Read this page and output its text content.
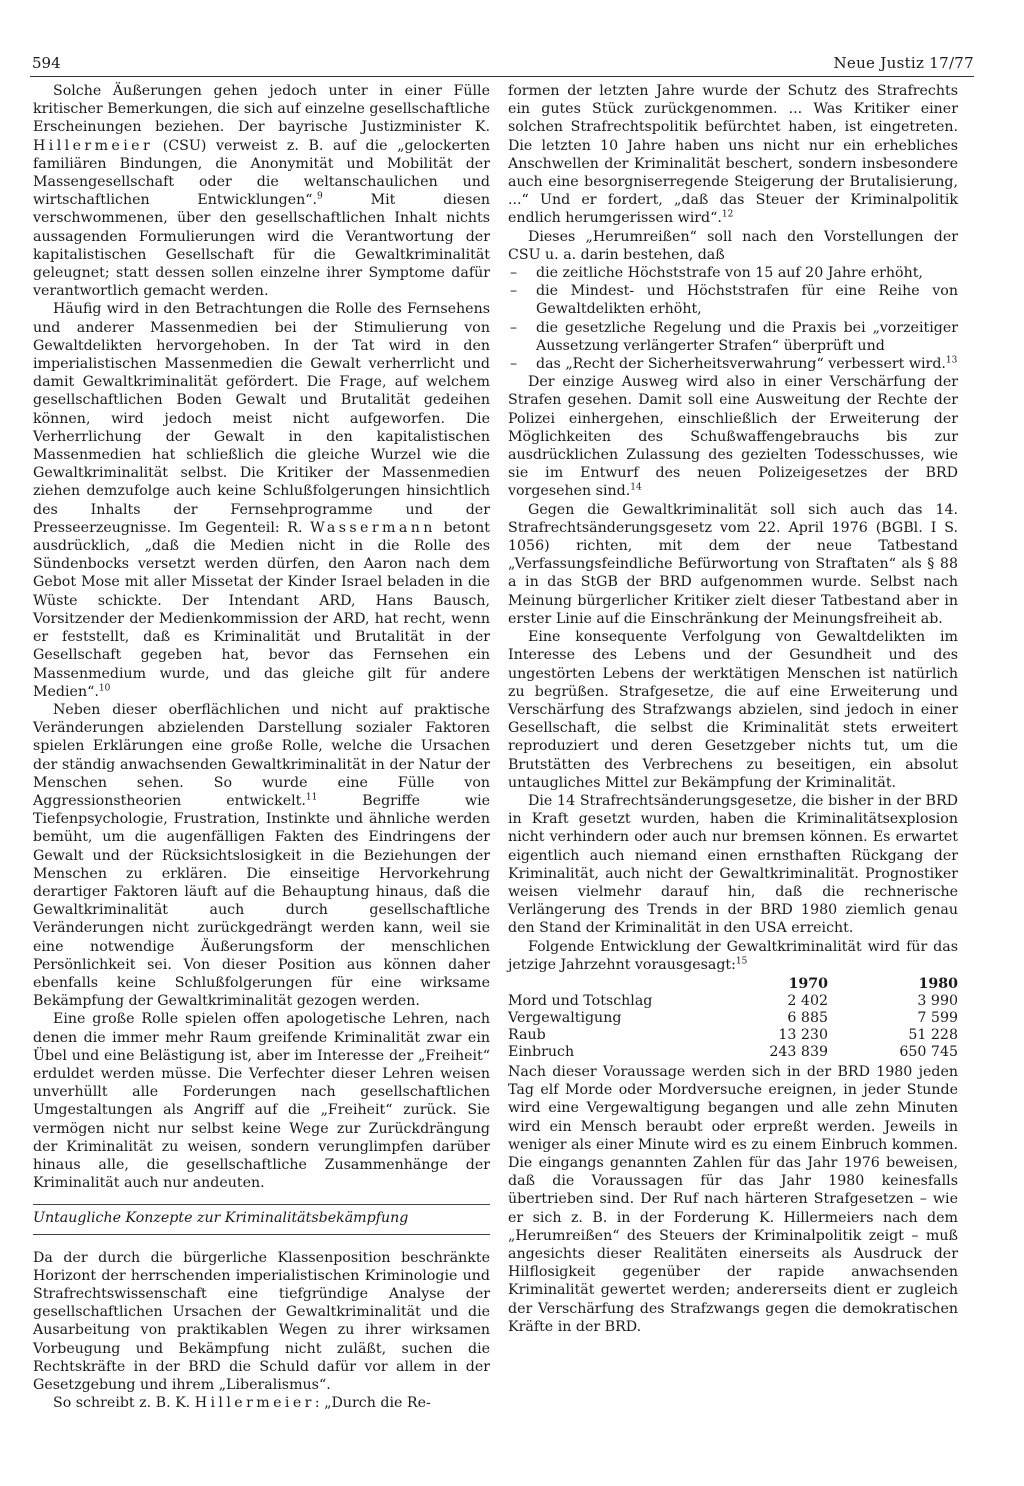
594	Neue Justiz 17/77

Solche Äußerungen gehen jedoch unter in einer Fülle kritischer Bemerkungen, die sich auf einzelne gesellschaftliche Erscheinungen beziehen. Der bayrische Justizminister K. Hillermeier (CSU) verweist z. B. auf die „gelockerten familiären Bindungen, die Anonymität und Mobilität der Massengesellschaft oder die weltanschaulichen und wirtschaftlichen Entwicklungen“.$^9$ Mit diesen verschwommenen, über den gesellschaftlichen Inhalt nichts aussagenden Formulierungen wird die Verantwortung der kapitalistischen Gesellschaft für die Gewaltkriminalität geleugnet; statt dessen sollen einzelne ihrer Symptome dafür verantwortlich gemacht werden.

Häufig wird in den Betrachtungen die Rolle des Fernsehens und anderer Massenmedien bei der Stimulierung von Gewaltdelikten hervorgehoben. In der Tat wird in den imperialistischen Massenmedien die Gewalt verherrlicht und damit Gewaltkriminalität gefördert. Die Frage, auf welchem gesellschaftlichen Boden Gewalt und Brutalität gedeihen können, wird jedoch meist nicht aufgeworfen. Die Verherrlichung der Gewalt in den kapitalistischen Massenmedien hat schließlich die gleiche Wurzel wie die Gewaltkriminalität selbst. Die Kritiker der Massenmedien ziehen demzufolge auch keine Schlußfolgerungen hinsichtlich des Inhalts der Fernsehprogramme und der Presseerzeugnisse. Im Gegenteil: R. Wassermann betont ausdrücklich, „daß die Medien nicht in die Rolle des Sündenbocks versetzt werden dürfen, den Aaron nach dem Gebot Mose mit aller Missetat der Kinder Israel beladen in die Wüste schickte. Der Intendant ARD, Hans Bausch, Vorsitzender der Medienkommission der ARD, hat recht, wenn er feststellt, daß es Kriminalität und Brutalität in der Gesellschaft gegeben hat, bevor das Fernsehen ein Massenmedium wurde, und das gleiche gilt für andere Medien“.$^{10}$

Neben dieser oberflächlichen und nicht auf praktische Veränderungen abzielenden Darstellung sozialer Faktoren spielen Erklärungen eine große Rolle, welche die Ursachen der ständig anwachsenden Gewaltkriminalität in der Natur der Menschen sehen. So wurde eine Fülle von Aggressionstheorien entwickelt.$^{11}$ Begriffe wie Tiefenpsychologie, Frustration, Instinkte und ähnliche werden bemüht, um die augenfälligen Fakten des Eindringens der Gewalt und der Rücksichtslosigkeit in die Beziehungen der Menschen zu erklären. Die einseitige Hervorkehrung derartiger Faktoren läuft auf die Behauptung hinaus, daß die Gewaltkriminalität auch durch gesellschaftliche Veränderungen nicht zurückgedrängt werden kann, weil sie eine notwendige Äußerungsform der menschlichen Persönlichkeit sei. Von dieser Position aus können daher ebenfalls keine Schlußfolgerungen für eine wirksame Bekämpfung der Gewaltkriminalität gezogen werden.

Eine große Rolle spielen offen apologetische Lehren, nach denen die immer mehr Raum greifende Kriminalität zwar ein Übel und eine Belästigung ist, aber im Interesse der „Freiheit“ erduldet werden müsse. Die Verfechter dieser Lehren weisen unverhüllt alle Forderungen nach gesellschaftlichen Umgestaltungen als Angriff auf die „Freiheit“ zurück. Sie vermögen nicht nur selbst keine Wege zur Zurückdrängung der Kriminalität zu weisen, sondern verunglimpfen darüber hinaus alle, die gesellschaftliche Zusammenhänge der Kriminalität auch nur andeuten.

Untaugliche Konzepte zur Kriminalitätsbekämpfung

Da der durch die bürgerliche Klassenposition beschränkte Horizont der herrschenden imperialistischen Kriminologie und Strafrechtswissenschaft eine tiefgründige Analyse der gesellschaftlichen Ursachen der Gewaltkriminalität und die Ausarbeitung von praktikablen Wegen zu ihrer wirksamen Vorbeugung und Bekämpfung nicht zuläßt, suchen die Rechtskräfte in der BRD die Schuld dafür vor allem in der Gesetzgebung und ihrem „Liberalismus“.

So schreibt z. B. K. Hillermeier: „Durch die Re-

formen der letzten Jahre wurde der Schutz des Strafrechts ein gutes Stück zurückgenommen. ... Was Kritiker einer solchen Strafrechtspolitik befürchtet haben, ist eingetreten. Die letzten 10 Jahre haben uns nicht nur ein erhebliches Anschwellen der Kriminalität beschert, sondern insbesondere auch eine besorgniserregende Steigerung der Brutalisierung, ...“ Und er fordert, „daß das Steuer der Kriminalpolitik endlich herumgerissen wird“.$^{12}$

Dieses „Herumreißen“ soll nach den Vorstellungen der CSU u. a. darin bestehen, daß

– die zeitliche Höchststrafe von 15 auf 20 Jahre erhöht,
– die Mindest- und Höchststrafen für eine Reihe von Gewaltdelikten erhöht,
– die gesetzliche Regelung und die Praxis bei „vorzeitiger Aussetzung verlängerter Strafen“ überprüft und
– das „Recht der Sicherheitsverwahrung“ verbessert wird.$^{13}$

Der einzige Ausweg wird also in einer Verschärfung der Strafen gesehen. Damit soll eine Ausweitung der Rechte der Polizei einhergehen, einschließlich der Erweiterung der Möglichkeiten des Schußwaffengebrauchs bis zur ausdrücklichen Zulassung des gezielten Todesschusses, wie sie im Entwurf des neuen Polizeigesetzes der BRD vorgesehen sind.$^{14}$

Gegen die Gewaltkriminalität soll sich auch das 14. Strafrechtsänderungsgesetz vom 22. April 1976 (BGBl. I S. 1056) richten, mit dem der neue Tatbestand „Verfassungsfeindliche Befürwortung von Straftaten“ als § 88 a in das StGB der BRD aufgenommen wurde. Selbst nach Meinung bürgerlicher Kritiker zielt dieser Tatbestand aber in erster Linie auf die Einschränkung der Meinungsfreiheit ab.

Eine konsequente Verfolgung von Gewaltdelikten im Interesse des Lebens und der Gesundheit und des ungestörten Lebens der werktätigen Menschen ist natürlich zu begrüßen. Strafgesetze, die auf eine Erweiterung und Verschärfung des Strafzwangs abzielen, sind jedoch in einer Gesellschaft, die selbst die Kriminalität stets erweitert reproduziert und deren Gesetzgeber nichts tut, um die Brutstätten des Verbrechens zu beseitigen, ein absolut untaugliches Mittel zur Bekämpfung der Kriminalität.

Die 14 Strafrechtsänderungsgesetze, die bisher in der BRD in Kraft gesetzt wurden, haben die Kriminalitätsexplosion nicht verhindern oder auch nur bremsen können. Es erwartet eigentlich auch niemand einen ernsthaften Rückgang der Kriminalität, auch nicht der Gewaltkriminalität. Prognostiker weisen vielmehr darauf hin, daß die rechnerische Verlängerung des Trends in der BRD 1980 ziemlich genau den Stand der Kriminalität in den USA erreicht.

Folgende Entwicklung der Gewaltkriminalität wird für das jetzige Jahrzehnt vorausgesagt:$^{15}$

	1970	1980
Mord und Totschlag	2 402	3 990
Vergewaltigung	6 885	7 599
Raub	13 230	51 228
Einbruch	243 839	650 745

Nach dieser Voraussage werden sich in der BRD 1980 jeden Tag elf Morde oder Mordversuche ereignen, in jeder Stunde wird eine Vergewaltigung begangen und alle zehn Minuten wird ein Mensch beraubt oder erpreßt werden. Jeweils in weniger als einer Minute wird es zu einem Einbruch kommen. Die eingangs genannten Zahlen für das Jahr 1976 beweisen, daß die Voraussagen für das Jahr 1980 keinesfalls übertrieben sind. Der Ruf nach härteren Strafgesetzen – wie er sich z. B. in der Forderung K. Hillermeiers nach dem „Herumreißen“ des Steuers der Kriminalpolitik zeigt – muß angesichts dieser Realitäten einerseits als Ausdruck der Hilflosigkeit gegenüber der rapide anwachsenden Kriminalität gewertet werden; andererseits dient er zugleich der Verschärfung des Strafzwangs gegen die demokratischen Kräfte in der BRD.
